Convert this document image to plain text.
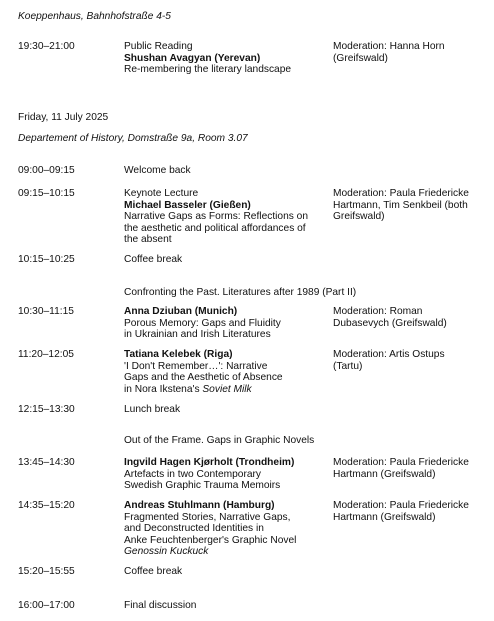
Koeppenhaus, Bahnhofstraße 4-5
19:30–21:00	Public Reading
Shushan Avagyan (Yerevan)
Re-membering the literary landscape
Moderation: Hanna Horn
(Greifswald)
Friday, 11 July 2025
Departement of History, Domstraße 9a, Room 3.07
09:00–09:15	Welcome back
09:15–10:15	Keynote Lecture
Michael Basseler (Gießen)
Narrative Gaps as Forms: Reflections on
the aesthetic and political affordances of
the absent
Moderation: Paula Friedericke
Hartmann, Tim Senkbeil (both
Greifswald)
10:15–10:25	Coffee break
Confronting the Past. Literatures after 1989 (Part II)
10:30–11:15	Anna Dziuban (Munich)
Porous Memory: Gaps and Fluidity
in Ukrainian and Irish Literatures
Moderation: Roman
Dubasevych (Greifswald)
11:20–12:05	Tatiana Kelebek (Riga)
'I Don't Remember…': Narrative
Gaps and the Aesthetic of Absence
in Nora Ikstena's Soviet Milk
Moderation: Artis Ostups
(Tartu)
12:15–13:30	Lunch break
Out of the Frame. Gaps in Graphic Novels
13:45–14:30	Ingvild Hagen Kjørholt (Trondheim)
Artefacts in two Contemporary
Swedish Graphic Trauma Memoirs
Moderation: Paula Friedericke
Hartmann (Greifswald)
14:35–15:20	Andreas Stuhlmann (Hamburg)
Fragmented Stories, Narrative Gaps,
and Deconstructed Identities in
Anke Feuchtenberger's Graphic Novel
Genossin Kuckuck
Moderation: Paula Friedericke
Hartmann (Greifswald)
15:20–15:55	Coffee break
16:00–17:00	Final discussion
